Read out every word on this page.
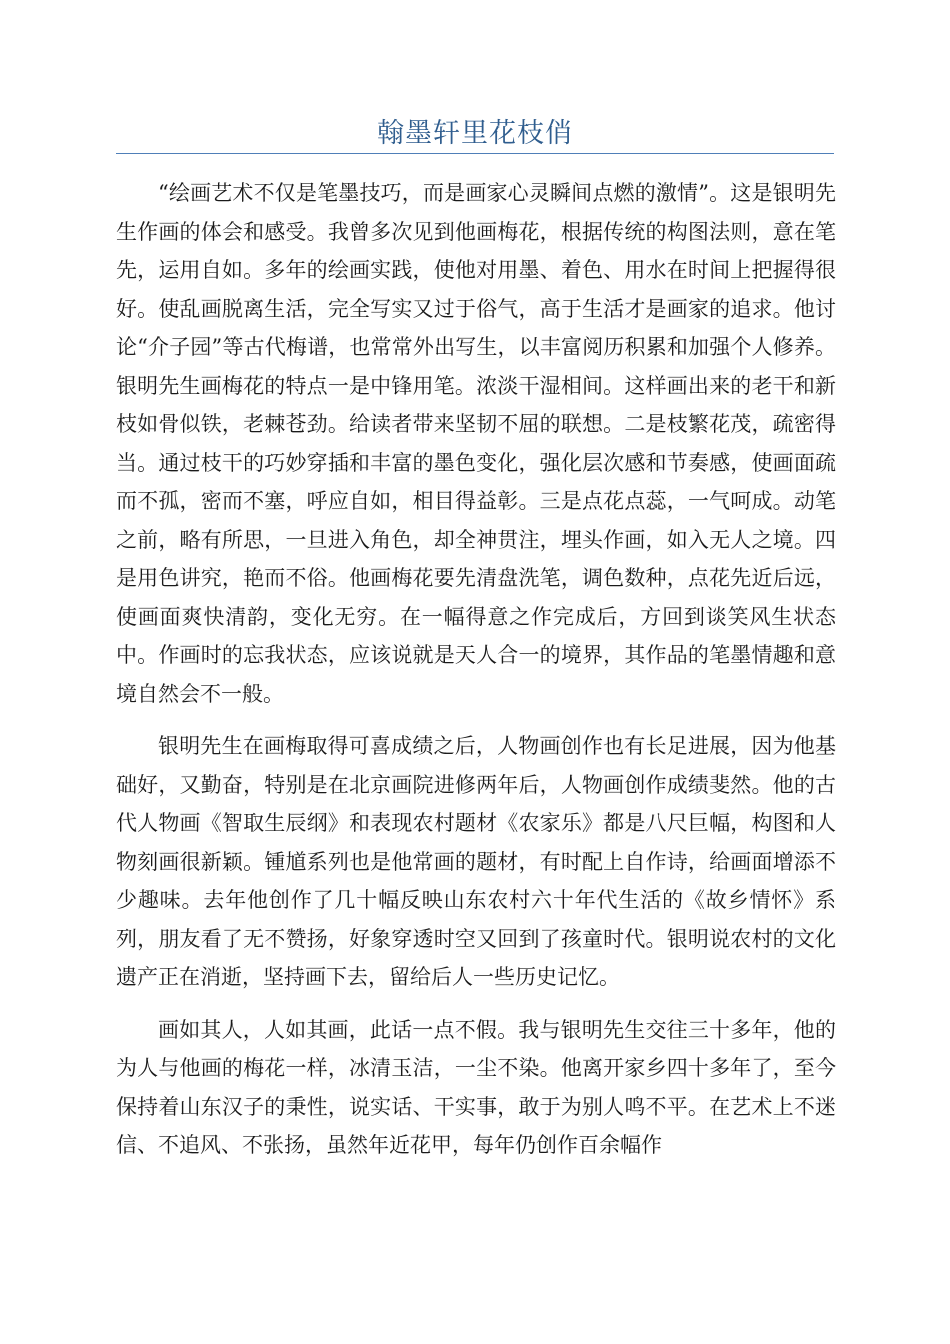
翰墨轩里花枝俏

“绘画艺术不仅是笔墨技巧，而是画家心灵瞬间点燃的激情”。这是银明先生作画的体会和感受。我曾多次见到他画梅花，根据传统的构图法则，意在笔先，运用自如。多年的绘画实践，使他对用墨、着色、用水在时间上把握得很好。使乱画脱离生活，完全写实又过于俗气，高于生活才是画家的追求。他讨论“介子园”等古代梅谱，也常常外出写生，以丰富阅历积累和加强个人修养。银明先生画梅花的特点一是中锋用笔。浓淡干湿相间。这样画出来的老干和新枝如骨似铁，老棘苍劲。给读者带来坚韧不屈的联想。二是枝繁花茂，疏密得当。通过枝干的巧妙穿插和丰富的墨色变化，强化层次感和节奏感，使画面疏而不孤，密而不塞，呼应自如，相目得益彰。三是点花点蕊，一气呵成。动笔之前，略有所思，一旦进入角色，却全神贯注，埋头作画，如入无人之境。四是用色讲究，艳而不俗。他画梅花要先清盘洗笔，调色数种，点花先近后远，使画面爽快清韵，变化无穷。在一幅得意之作完成后，方回到谈笑风生状态中。作画时的忘我状态，应该说就是天人合一的境界，其作品的笔墨情趣和意境自然会不一般。

银明先生在画梅取得可喜成绩之后，人物画创作也有长足进展，因为他基础好，又勤奋，特别是在北京画院进修两年后，人物画创作成绩斐然。他的古代人物画《智取生辰纲》和表现农村题材《农家乐》都是八尺巨幅，构图和人物刻画很新颖。锺馗系列也是他常画的题材，有时配上自作诗，给画面增添不少趣味。去年他创作了几十幅反映山东农村六十年代生活的《故乡情怀》系列，朋友看了无不赞扬，好象穿透时空又回到了孩童时代。银明说农村的文化遗产正在消逝，坚持画下去，留给后人一些历史记忆。

画如其人，人如其画，此话一点不假。我与银明先生交往三十多年，他的为人与他画的梅花一样，冰清玉洁，一尘不染。他离开家乡四十多年了，至今保持着山东汉子的秉性，说实话、干实事，敢于为别人鸣不平。在艺术上不迷信、不追风、不张扬，虽然年近花甲，每年仍创作百余幅作
